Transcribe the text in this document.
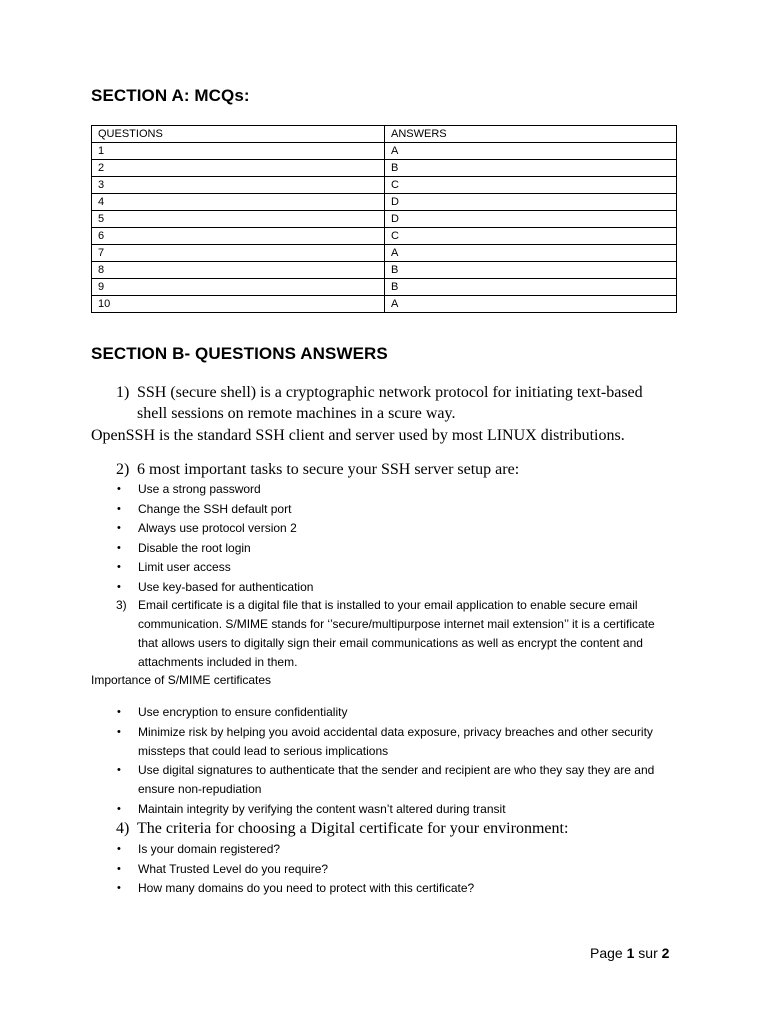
SECTION A: MCQs:
QUESTIONS	ANSWERS
1	A
2	B
3	C
4	D
5	D
6	C
7	A
8	B
9	B
10	A
SECTION B- QUESTIONS ANSWERS
1) SSH (secure shell) is a cryptographic network protocol for initiating text-based shell sessions on remote machines in a scure way.
OpenSSH is the standard SSH client and server used by most LINUX distributions.
2) 6 most important tasks to secure your SSH server setup are:
• Use a strong password
• Change the SSH default port
• Always use protocol version 2
• Disable the root login
• Limit user access
• Use key-based for authentication
3) Email certificate is a digital file that is installed to your email application to enable secure email communication. S/MIME stands for ‘’secure/multipurpose internet mail extension’’ it is a certificate that allows users to digitally sign their email communications as well as encrypt the content and attachments included in them.
Importance of S/MIME certificates
• Use encryption to ensure confidentiality
• Minimize risk by helping you avoid accidental data exposure, privacy breaches and other security missteps that could lead to serious implications
• Use digital signatures to authenticate that the sender and recipient are who they say they are and ensure non-repudiation
• Maintain integrity by verifying the content wasn’t altered during transit
4) The criteria for choosing a Digital certificate for your environment:
• Is your domain registered?
• What Trusted Level do you require?
• How many domains do you need to protect with this certificate?
Page 1 sur 2
